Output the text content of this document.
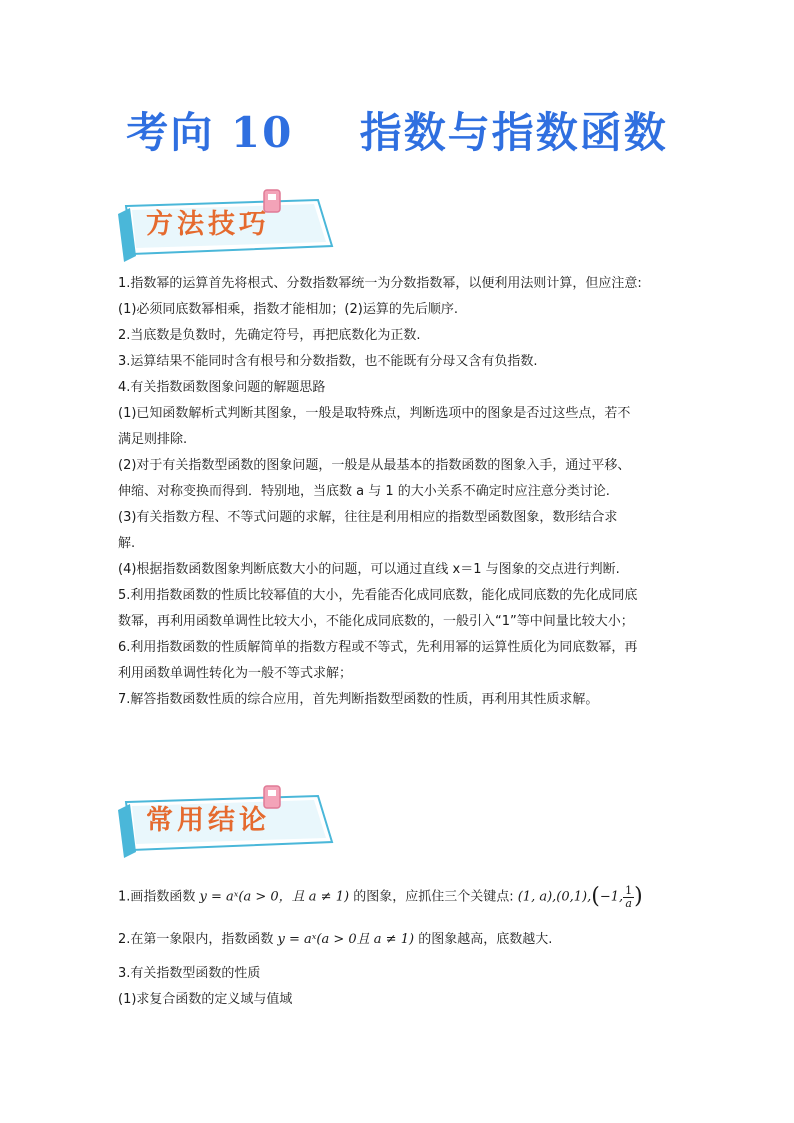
考向 10    指数与指数函数
方法技巧

1.指数幂的运算首先将根式、分数指数幂统一为分数指数幂，以便利用法则计算，但应注意:

(1)必须同底数幂相乘，指数才能相加；(2)运算的先后顺序.

2.当底数是负数时，先确定符号，再把底数化为正数.

3.运算结果不能同时含有根号和分数指数，也不能既有分母又含有负指数.

4.有关指数函数图象问题的解题思路

(1)已知函数解析式判断其图象，一般是取特殊点，判断选项中的图象是否过这些点，若不

满足则排除.

(2)对于有关指数型函数的图象问题，一般是从最基本的指数函数的图象入手，通过平移、

伸缩、对称变换而得到．特别地，当底数 a 与 1 的大小关系不确定时应注意分类讨论.

(3)有关指数方程、不等式问题的求解，往往是利用相应的指数型函数图象，数形结合求

解.

(4)根据指数函数图象判断底数大小的问题，可以通过直线 x＝1 与图象的交点进行判断.

5.利用指数函数的性质比较幂值的大小，先看能否化成同底数，能化成同底数的先化成同底

数幂，再利用函数单调性比较大小，不能化成同底数的，一般引入“1”等中间量比较大小；

6.利用指数函数的性质解简单的指数方程或不等式，先利用幂的运算性质化为同底数幂，再

利用函数单调性转化为一般不等式求解；

7.解答指数函数性质的综合应用，首先判断指数型函数的性质，再利用其性质求解。

常用结论

1.画指数函数 y = aˣ(a > 0，且 a ≠ 1) 的图象，应抓住三个关键点: (1, a),(0,1),(−1, $\frac{1}{a}$ )

2.在第一象限内，指数函数 y = aˣ(a > 0且 a ≠ 1) 的图象越高，底数越大.

3.有关指数型函数的性质

(1)求复合函数的定义域与值域
